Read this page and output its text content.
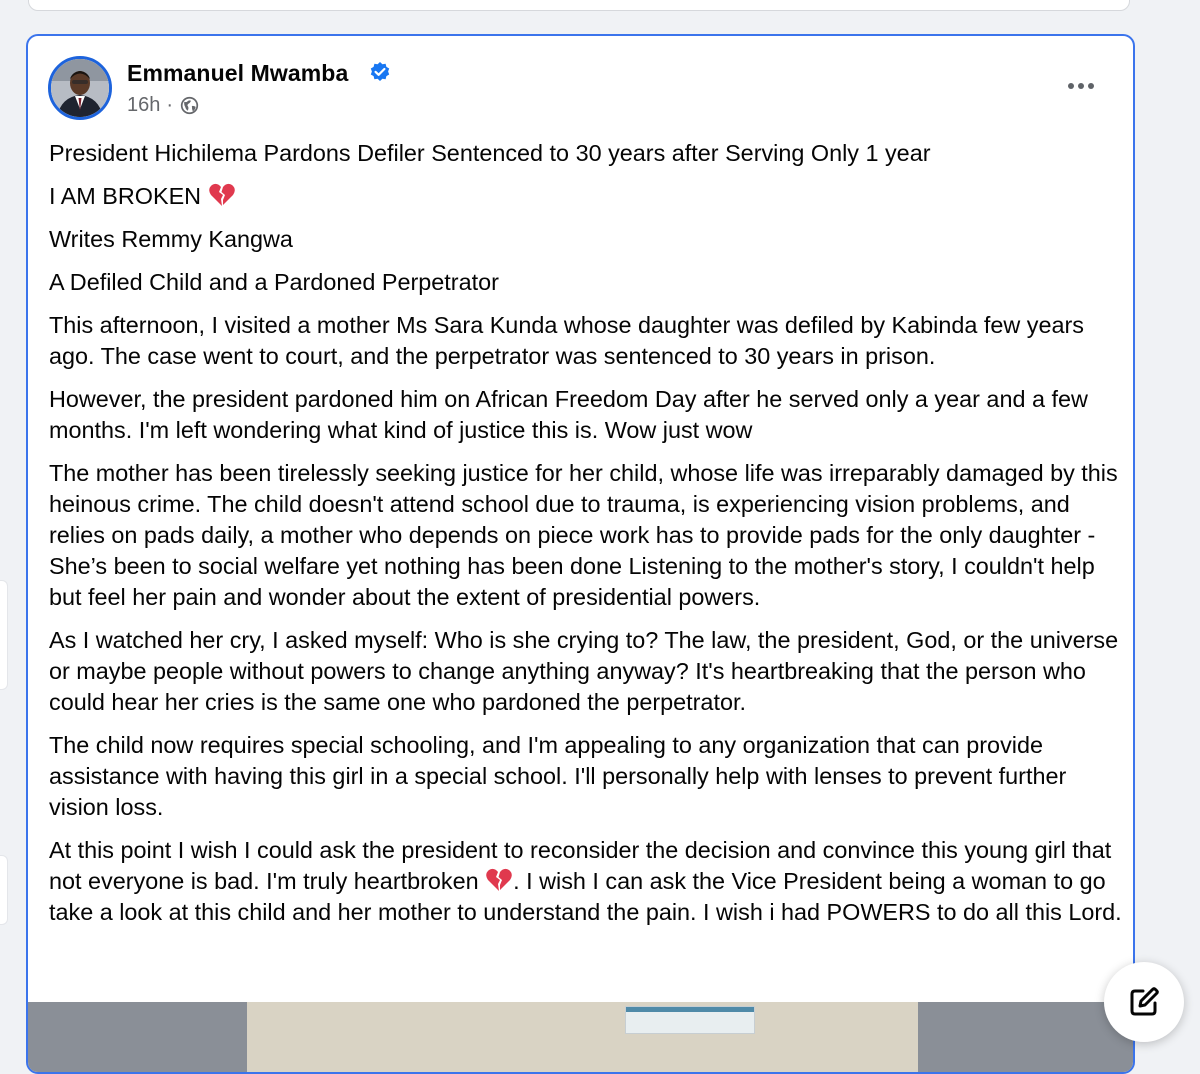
Emmanuel Mwamba
16h ·

President Hichilema Pardons Defiler Sentenced to 30 years after Serving Only 1 year

I AM BROKEN

Writes Remmy Kangwa

A Defiled Child and a Pardoned Perpetrator

This afternoon, I visited a mother Ms Sara Kunda whose daughter was defiled by Kabinda few years ago. The case went to court, and the perpetrator was sentenced to 30 years in prison.

However, the president pardoned him on African Freedom Day after he served only a year and a few months. I'm left wondering what kind of justice this is. Wow just wow

The mother has been tirelessly seeking justice for her child, whose life was irreparably damaged by this heinous crime. The child doesn't attend school due to trauma, is experiencing vision problems, and relies on pads daily, a mother who depends on piece work has to provide pads for the only daughter -She’s been to social welfare yet nothing has been done Listening to the mother's story, I couldn't help but feel her pain and wonder about the extent of presidential powers.

As I watched her cry, I asked myself: Who is she crying to? The law, the president, God, or the universe or maybe people without powers to change anything anyway? It's heartbreaking that the person who could hear her cries is the same one who pardoned the perpetrator.

The child now requires special schooling, and I'm appealing to any organization that can provide assistance with having this girl in a special school. I'll personally help with lenses to prevent further vision loss.

At this point I wish I could ask the president to reconsider the decision and convince this young girl that not everyone is bad. I'm truly heartbroken . I wish I can ask the Vice President being a woman to go take a look at this child and her mother to understand the pain. I wish i had POWERS to do all this Lord.
